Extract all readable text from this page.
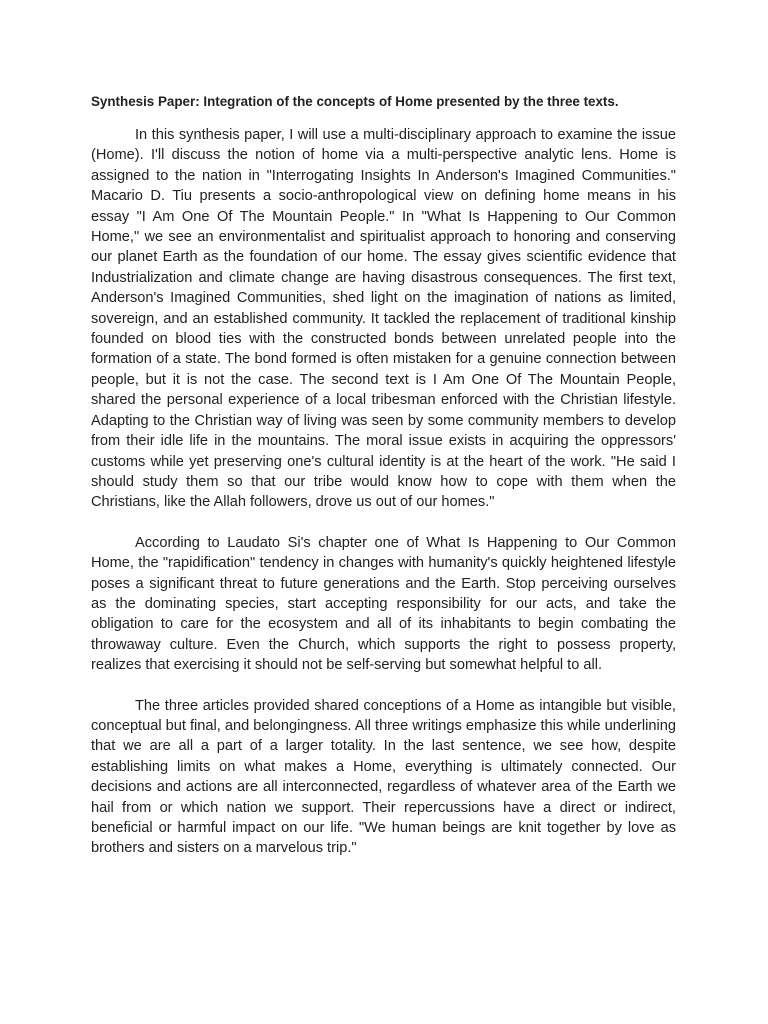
Synthesis Paper: Integration of the concepts of Home presented by the three texts.

In this synthesis paper, I will use a multi-disciplinary approach to examine the issue (Home). I'll discuss the notion of home via a multi-perspective analytic lens. Home is assigned to the nation in "Interrogating Insights In Anderson's Imagined Communities." Macario D. Tiu presents a socio-anthropological view on defining home means in his essay "I Am One Of The Mountain People." In "What Is Happening to Our Common Home," we see an environmentalist and spiritualist approach to honoring and conserving our planet Earth as the foundation of our home. The essay gives scientific evidence that Industrialization and climate change are having disastrous consequences. The first text, Anderson's Imagined Communities, shed light on the imagination of nations as limited, sovereign, and an established community. It tackled the replacement of traditional kinship founded on blood ties with the constructed bonds between unrelated people into the formation of a state. The bond formed is often mistaken for a genuine connection between people, but it is not the case. The second text is I Am One Of The Mountain People, shared the personal experience of a local tribesman enforced with the Christian lifestyle. Adapting to the Christian way of living was seen by some community members to develop from their idle life in the mountains. The moral issue exists in acquiring the oppressors' customs while yet preserving one's cultural identity is at the heart of the work. "He said I should study them so that our tribe would know how to cope with them when the Christians, like the Allah followers, drove us out of our homes."

According to Laudato Si's chapter one of What Is Happening to Our Common Home, the "rapidification" tendency in changes with humanity's quickly heightened lifestyle poses a significant threat to future generations and the Earth. Stop perceiving ourselves as the dominating species, start accepting responsibility for our acts, and take the obligation to care for the ecosystem and all of its inhabitants to begin combating the throwaway culture. Even the Church, which supports the right to possess property, realizes that exercising it should not be self-serving but somewhat helpful to all.

The three articles provided shared conceptions of a Home as intangible but visible, conceptual but final, and belongingness. All three writings emphasize this while underlining that we are all a part of a larger totality. In the last sentence, we see how, despite establishing limits on what makes a Home, everything is ultimately connected. Our decisions and actions are all interconnected, regardless of whatever area of the Earth we hail from or which nation we support. Their repercussions have a direct or indirect, beneficial or harmful impact on our life. "We human beings are knit together by love as brothers and sisters on a marvelous trip."
